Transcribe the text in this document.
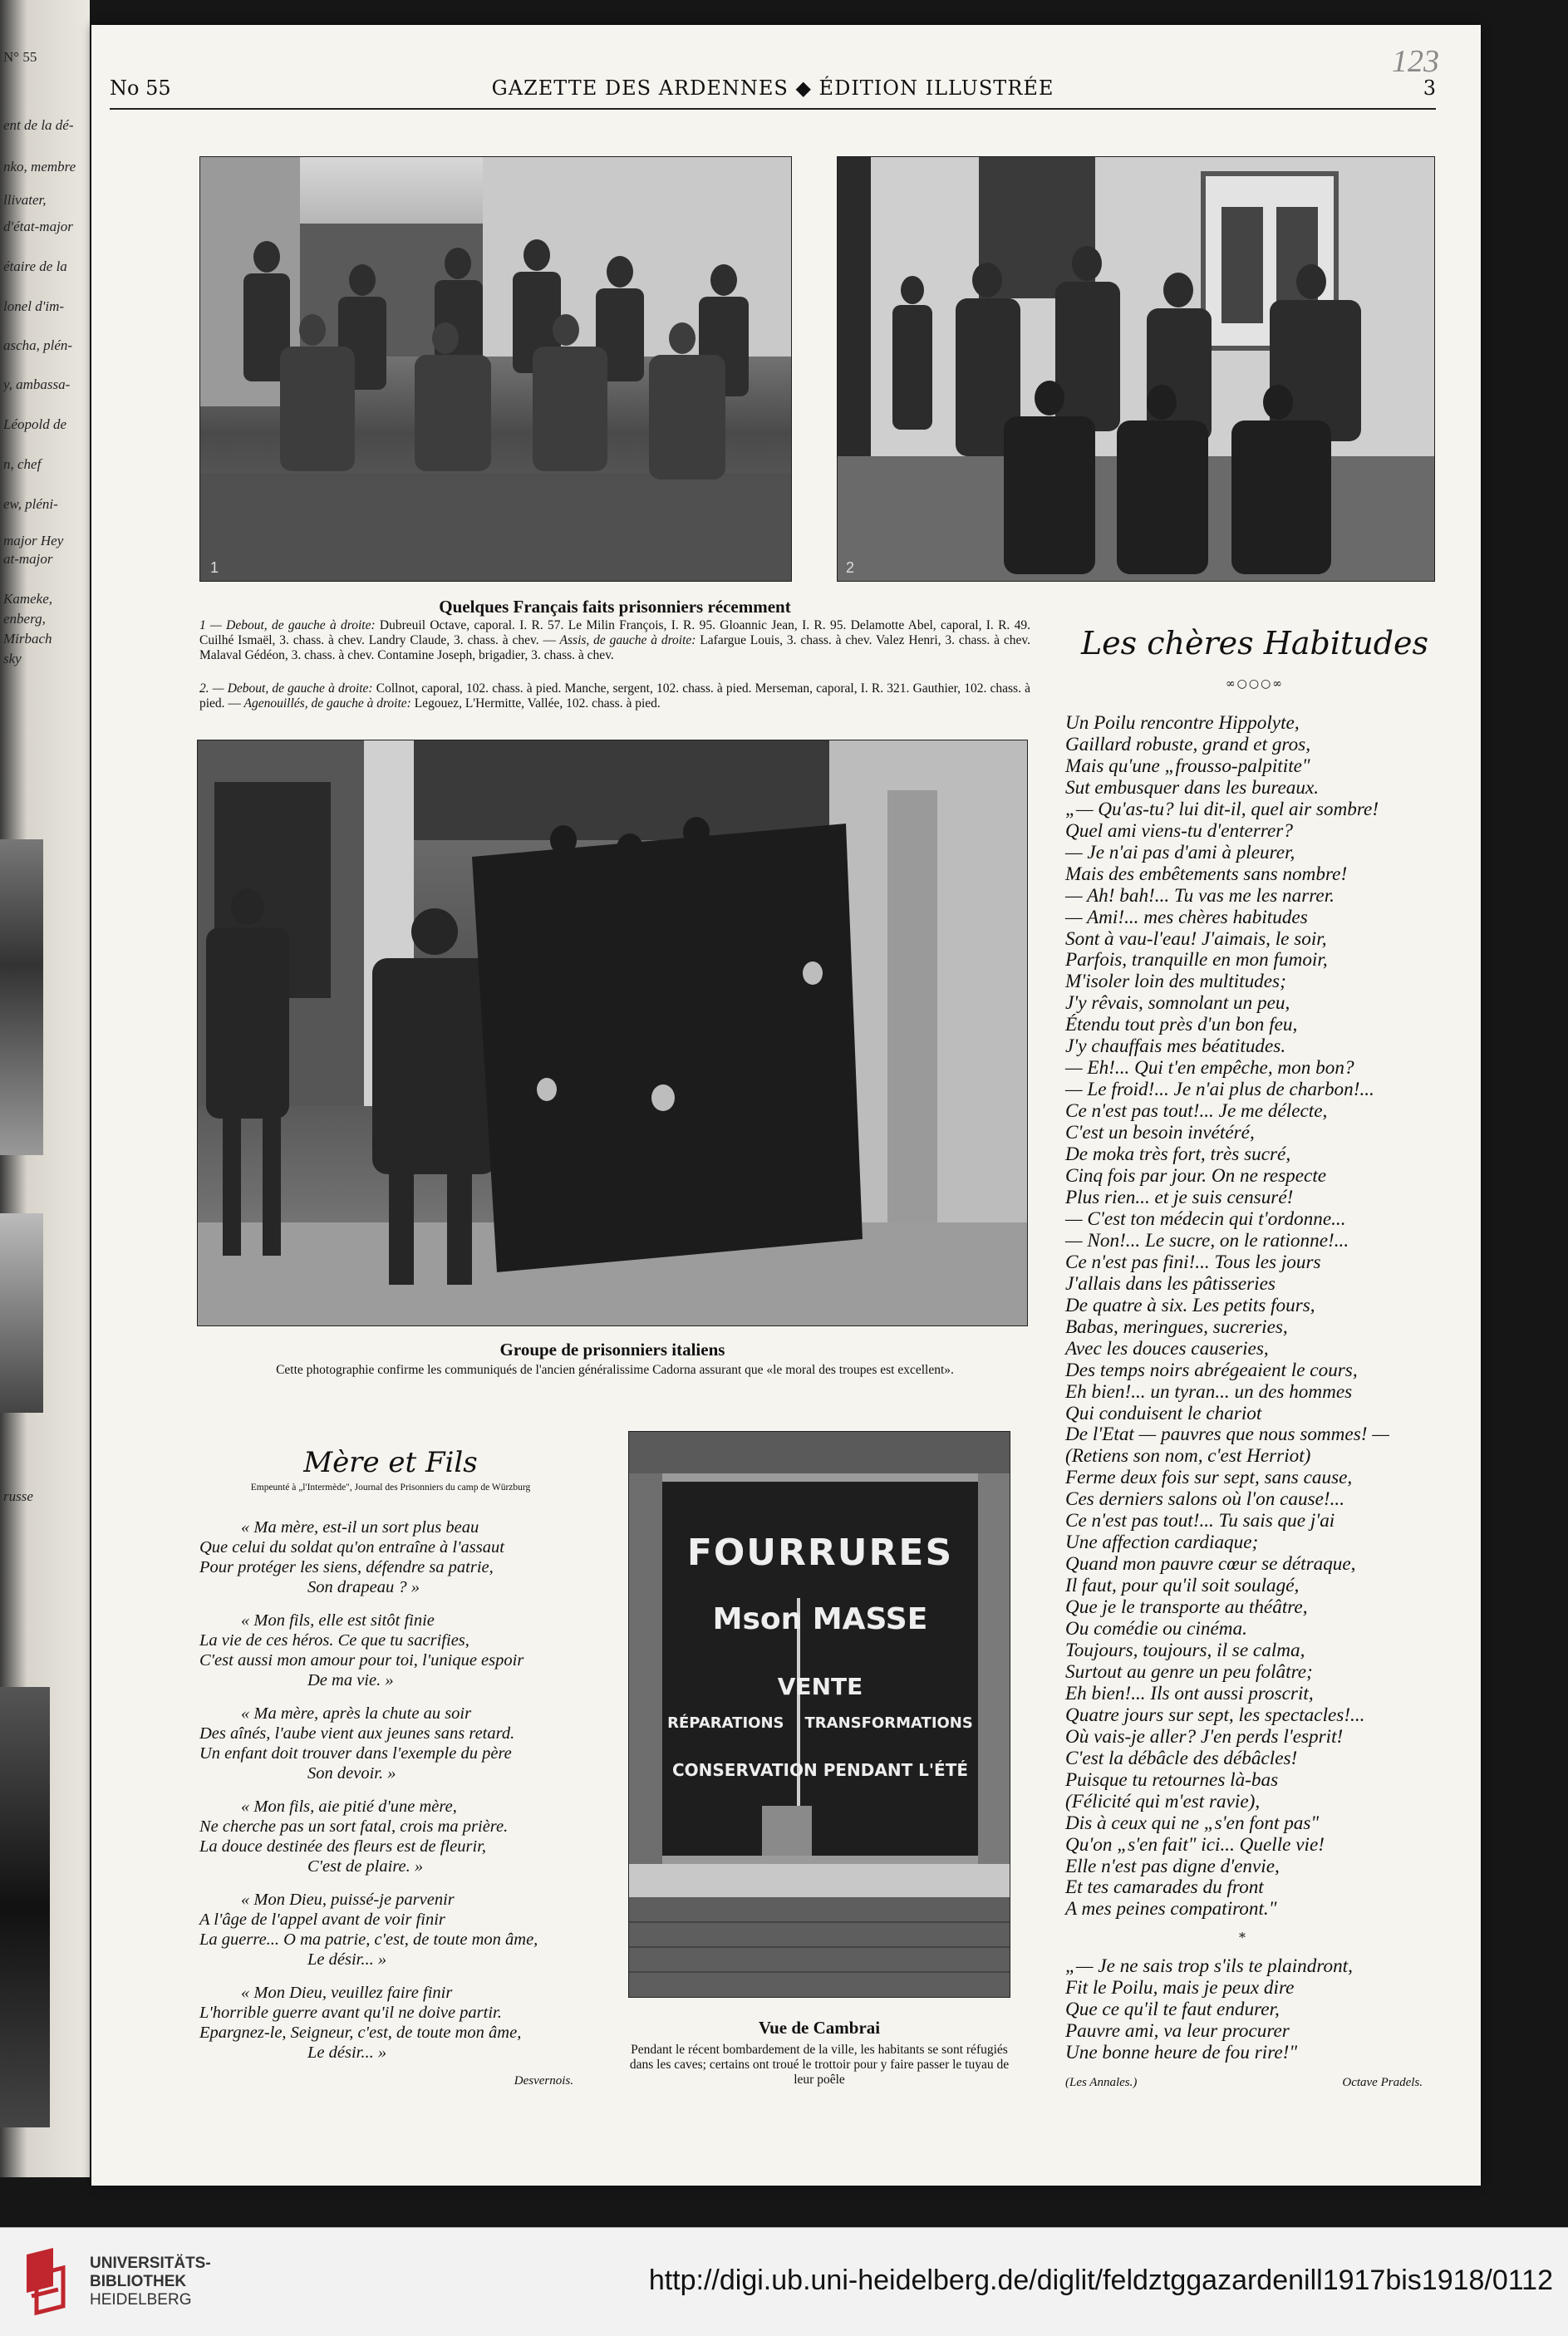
N° 55
ent de la dé-
nko, membre
llivater,
d'état-major
étaire de la
lonel d'im-
ascha, plén-
y, ambassa-
Léopold de
n, chef
ew, pléni-
major Hey
at-major
Kameke,
enberg,
Mirbach
sky
russe
123
No 55	GAZETTE DES ARDENNES ◆ ÉDITION ILLUSTRÉE	3
1	2
Quelques Français faits prisonniers récemment
1 — Debout, de gauche à droite: Dubreuil Octave, caporal. I. R. 57. Le Milin François, I. R. 95. Gloannic Jean, I. R. 95. Delamotte Abel, caporal, I. R. 49. Cuilhé Ismaël, 3. chass. à chev. Landry Claude, 3. chass. à chev. — Assis, de gauche à droite: Lafargue Louis, 3. chass. à chev. Valez Henri, 3. chass. à chev. Malaval Gédéon, 3. chass. à chev. Contamine Joseph, brigadier, 3. chass. à chev.
2. — Debout, de gauche à droite: Collnot, caporal, 102. chass. à pied. Manche, sergent, 102. chass. à pied. Merseman, caporal, I. R. 321. Gauthier, 102. chass. à pied. — Agenouillés, de gauche à droite: Legouez, L'Hermitte, Vallée, 102. chass. à pied.
Groupe de prisonniers italiens
Cette photographie confirme les communiqués de l'ancien généralissime Cadorna assurant que «le moral des troupes est excellent».
FOURRURES
Mson MASSE
VENTE
RÉPARATIONS    TRANSFORMATIONS
CONSERVATION PENDANT L'ÉTÉ
Vue de Cambrai
Pendant le récent bombardement de la ville, les habitants se sont réfugiés dans les caves; certains ont troué le trottoir pour y faire passer le tuyau de leur poêle
Les chères Habitudes
∞○○○∞
Un Poilu rencontre Hippolyte,
Gaillard robuste, grand et gros,
Mais qu'une „frousso-palpitite"
Sut embusquer dans les bureaux.
„— Qu'as-tu? lui dit-il, quel air sombre!
Quel ami viens-tu d'enterrer?
— Je n'ai pas d'ami à pleurer,
Mais des embêtements sans nombre!
— Ah! bah!... Tu vas me les narrer.
— Ami!... mes chères habitudes
Sont à vau-l'eau! J'aimais, le soir,
Parfois, tranquille en mon fumoir,
M'isoler loin des multitudes;
J'y rêvais, somnolant un peu,
Étendu tout près d'un bon feu,
J'y chauffais mes béatitudes.
— Eh!... Qui t'en empêche, mon bon?
— Le froid!... Je n'ai plus de charbon!...
Ce n'est pas tout!... Je me délecte,
C'est un besoin invétéré,
De moka très fort, très sucré,
Cinq fois par jour. On ne respecte
Plus rien... et je suis censuré!
— C'est ton médecin qui t'ordonne...
— Non!... Le sucre, on le rationne!...
Ce n'est pas fini!... Tous les jours
J'allais dans les pâtisseries
De quatre à six. Les petits fours,
Babas, meringues, sucreries,
Avec les douces causeries,
Des temps noirs abrégeaient le cours,
Eh bien!... un tyran... un des hommes
Qui conduisent le chariot
De l'Etat — pauvres que nous sommes! —
(Retiens son nom, c'est Herriot)
Ferme deux fois sur sept, sans cause,
Ces derniers salons où l'on cause!...
Ce n'est pas tout!... Tu sais que j'ai
Une affection cardiaque;
Quand mon pauvre cœur se détraque,
Il faut, pour qu'il soit soulagé,
Que je le transporte au théâtre,
Ou comédie ou cinéma.
Toujours, toujours, il se calma,
Surtout au genre un peu folâtre;
Eh bien!... Ils ont aussi proscrit,
Quatre jours sur sept, les spectacles!...
Où vais-je aller? J'en perds l'esprit!
C'est la débâcle des débâcles!
Puisque tu retournes là-bas
(Félicité qui m'est ravie),
Dis à ceux qui ne „s'en font pas"
Qu'on „s'en fait" ici... Quelle vie!
Elle n'est pas digne d'envie,
Et tes camarades du front
A mes peines compatiront."
*
„— Je ne sais trop s'ils te plaindront,
Fit le Poilu, mais je peux dire
Que ce qu'il te faut endurer,
Pauvre ami, va leur procurer
Une bonne heure de fou rire!"
(Les Annales.)	Octave Pradels.
Mère et Fils
Empeunté à „l'Intermède", Journal des Prisonniers du camp de Würzburg
« Ma mère, est-il un sort plus beau
Que celui du soldat qu'on entraîne à l'assaut
Pour protéger les siens, défendre sa patrie,
Son drapeau ? »
« Mon fils, elle est sitôt finie
La vie de ces héros. Ce que tu sacrifies,
C'est aussi mon amour pour toi, l'unique espoir
De ma vie. »
« Ma mère, après la chute au soir
Des aînés, l'aube vient aux jeunes sans retard.
Un enfant doit trouver dans l'exemple du père
Son devoir. »
« Mon fils, aie pitié d'une mère,
Ne cherche pas un sort fatal, crois ma prière.
La douce destinée des fleurs est de fleurir,
C'est de plaire. »
« Mon Dieu, puissé-je parvenir
A l'âge de l'appel avant de voir finir
La guerre... O ma patrie, c'est, de toute mon âme,
Le désir... »
« Mon Dieu, veuillez faire finir
L'horrible guerre avant qu'il ne doive partir.
Epargnez-le, Seigneur, c'est, de toute mon âme,
Le désir... »
Desvernois.
UNIVERSITÄTS-
BIBLIOTHEK
HEIDELBERG
http://digi.ub.uni-heidelberg.de/diglit/feldztggazardenill1917bis1918/0112
